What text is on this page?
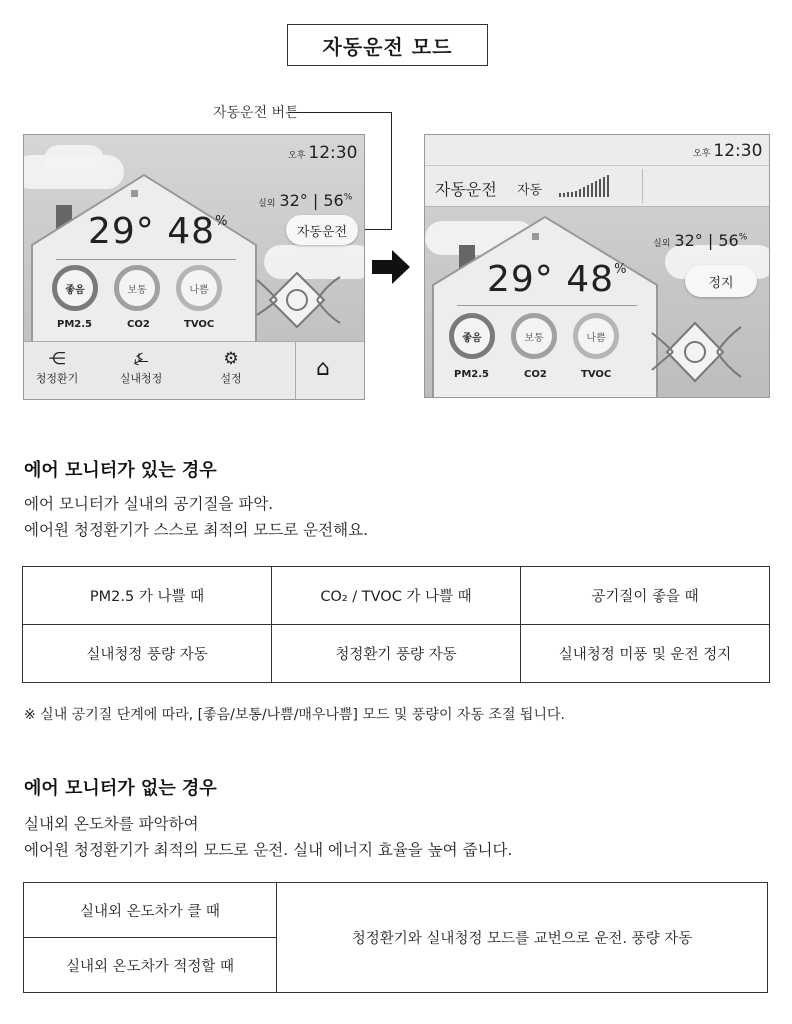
자동운전 모드
자동운전 버튼
오후 12:30
실외 32° | 56%
29° 48%
자동운전
좋음	보통	나쁨
PM2.5	CO2	TVOC
⋲
청정환기
⍼
실내청정
⚙
설정	⌂
오후 12:30
자동운전 자동
실외 32° | 56%
29° 48%
정지
좋음	보통	나쁨
PM2.5	CO2	TVOC
에어 모니터가 있는 경우
에어 모니터가 실내의 공기질을 파악.
에어원 청정환기가 스스로 최적의 모드로 운전해요.
PM2.5 가 나쁠 때	CO₂ / TVOC 가 나쁠 때	공기질이 좋을 때
실내청정 풍량 자동	청정환기 풍량 자동	실내청정 미풍 및 운전 정지
※ 실내 공기질 단계에 따라, [좋음/보통/나쁨/매우나쁨] 모드 및 풍량이 자동 조절 됩니다.
에어 모니터가 없는 경우
실내외 온도차를 파악하여
에어원 청정환기가 최적의 모드로 운전. 실내 에너지 효율을 높여 줍니다.
실내외 온도차가 클 때	청정환기와 실내청정 모드를 교번으로 운전. 풍량 자동
실내외 온도차가 적정할 때
